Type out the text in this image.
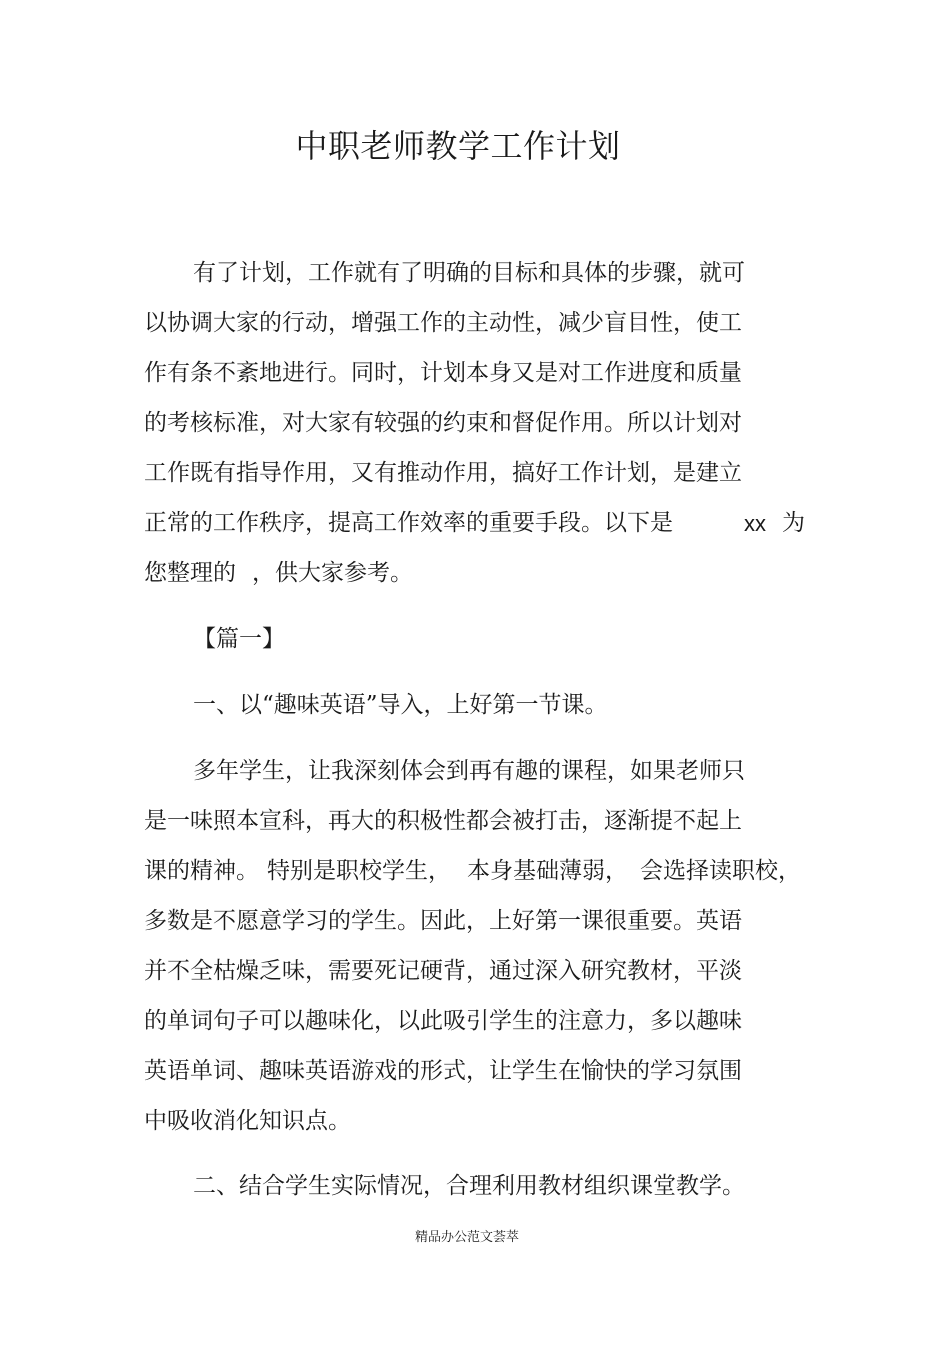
中职老师教学工作计划
有了计划，工作就有了明确的目标和具体的步骤，就可
以协调大家的行动，增强工作的主动性，减少盲目性，使工
作有条不紊地进行。同时，计划本身又是对工作进度和质量
的考核标准，对大家有较强的约束和督促作用。所以计划对
工作既有指导作用，又有推动作用，搞好工作计划，是建立
正常的工作秩序，提高工作效率的重要手段。以下是	xx 为
您整理的 ，供大家参考。
【篇一】
一、以“趣味英语”导入，上好第一节课。
多年学生，让我深刻体会到再有趣的课程，如果老师只
是一味照本宣科，再大的积极性都会被打击，逐渐提不起上
课的精神。 特别是职校学生， 本身基础薄弱， 会选择读职校，
多数是不愿意学习的学生。因此，上好第一课很重要。英语
并不全枯燥乏味，需要死记硬背，通过深入研究教材，平淡
的单词句子可以趣味化，以此吸引学生的注意力，多以趣味
英语单词、趣味英语游戏的形式，让学生在愉快的学习氛围
中吸收消化知识点。
二、结合学生实际情况，合理利用教材组织课堂教学。
精品办公范文荟萃
